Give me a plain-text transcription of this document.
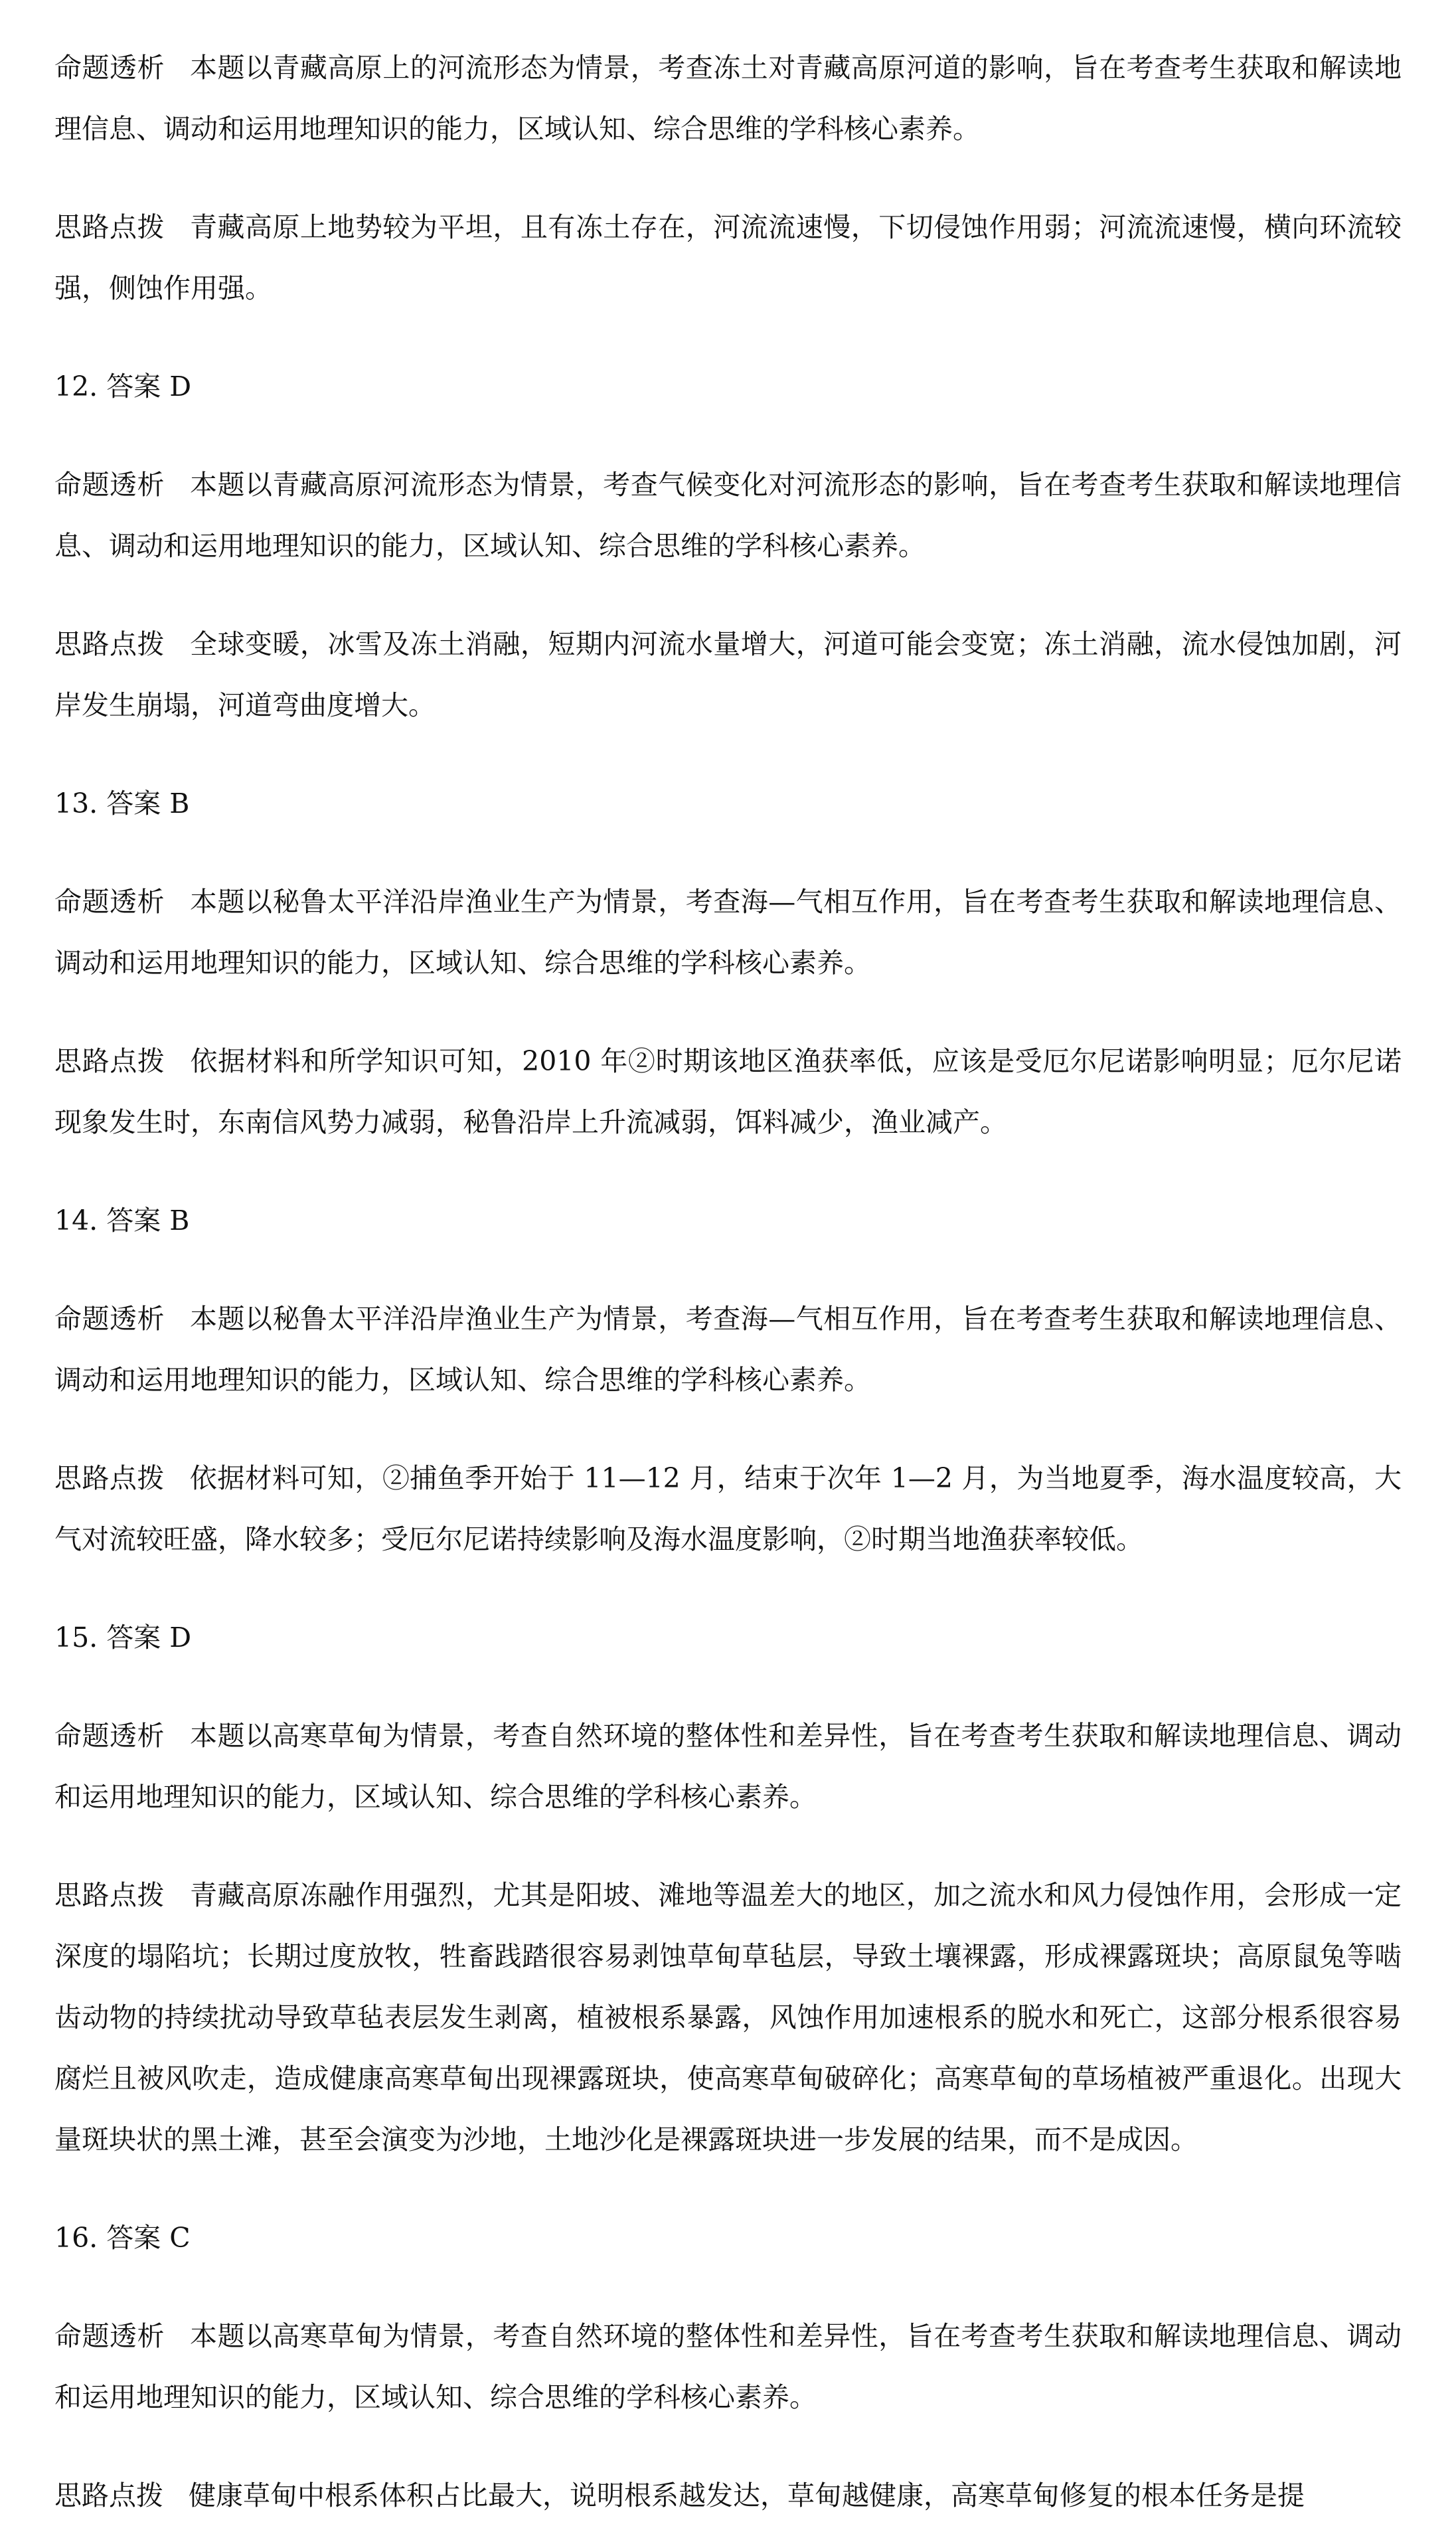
命题透析 本题以青藏高原上的河流形态为情景，考查冻土对青藏高原河道的影响，旨在考查考生获取和解读地理信息、调动和运用地理知识的能力，区域认知、综合思维的学科核心素养。

思路点拨 青藏高原上地势较为平坦，且有冻土存在，河流流速慢，下切侵蚀作用弱；河流流速慢，横向环流较强，侧蚀作用强。

12. 答案 D

命题透析 本题以青藏高原河流形态为情景，考查气候变化对河流形态的影响，旨在考查考生获取和解读地理信息、调动和运用地理知识的能力，区域认知、综合思维的学科核心素养。

思路点拨 全球变暖，冰雪及冻土消融，短期内河流水量增大，河道可能会变宽；冻土消融，流水侵蚀加剧，河岸发生崩塌，河道弯曲度增大。

13. 答案 B

命题透析 本题以秘鲁太平洋沿岸渔业生产为情景，考查海—气相互作用，旨在考查考生获取和解读地理信息、调动和运用地理知识的能力，区域认知、综合思维的学科核心素养。

思路点拨 依据材料和所学知识可知，2010 年②时期该地区渔获率低，应该是受厄尔尼诺影响明显；厄尔尼诺现象发生时，东南信风势力减弱，秘鲁沿岸上升流减弱，饵料减少，渔业减产。

14. 答案 B

命题透析 本题以秘鲁太平洋沿岸渔业生产为情景，考查海—气相互作用，旨在考查考生获取和解读地理信息、调动和运用地理知识的能力，区域认知、综合思维的学科核心素养。

思路点拨 依据材料可知，②捕鱼季开始于 11—12 月，结束于次年 1—2 月，为当地夏季，海水温度较高，大气对流较旺盛，降水较多；受厄尔尼诺持续影响及海水温度影响，②时期当地渔获率较低。

15. 答案 D

命题透析 本题以高寒草甸为情景，考查自然环境的整体性和差异性，旨在考查考生获取和解读地理信息、调动和运用地理知识的能力，区域认知、综合思维的学科核心素养。

思路点拨 青藏高原冻融作用强烈，尤其是阳坡、滩地等温差大的地区，加之流水和风力侵蚀作用，会形成一定深度的塌陷坑；长期过度放牧，牲畜践踏很容易剥蚀草甸草毡层，导致土壤裸露，形成裸露斑块；高原鼠兔等啮齿动物的持续扰动导致草毡表层发生剥离，植被根系暴露，风蚀作用加速根系的脱水和死亡，这部分根系很容易腐烂且被风吹走，造成健康高寒草甸出现裸露斑块，使高寒草甸破碎化；高寒草甸的草场植被严重退化。出现大量斑块状的黑土滩，甚至会演变为沙地，土地沙化是裸露斑块进一步发展的结果，而不是成因。

16. 答案 C

命题透析 本题以高寒草甸为情景，考查自然环境的整体性和差异性，旨在考查考生获取和解读地理信息、调动和运用地理知识的能力，区域认知、综合思维的学科核心素养。

思路点拨 健康草甸中根系体积占比最大，说明根系越发达，草甸越健康，高寒草甸修复的根本任务是提
